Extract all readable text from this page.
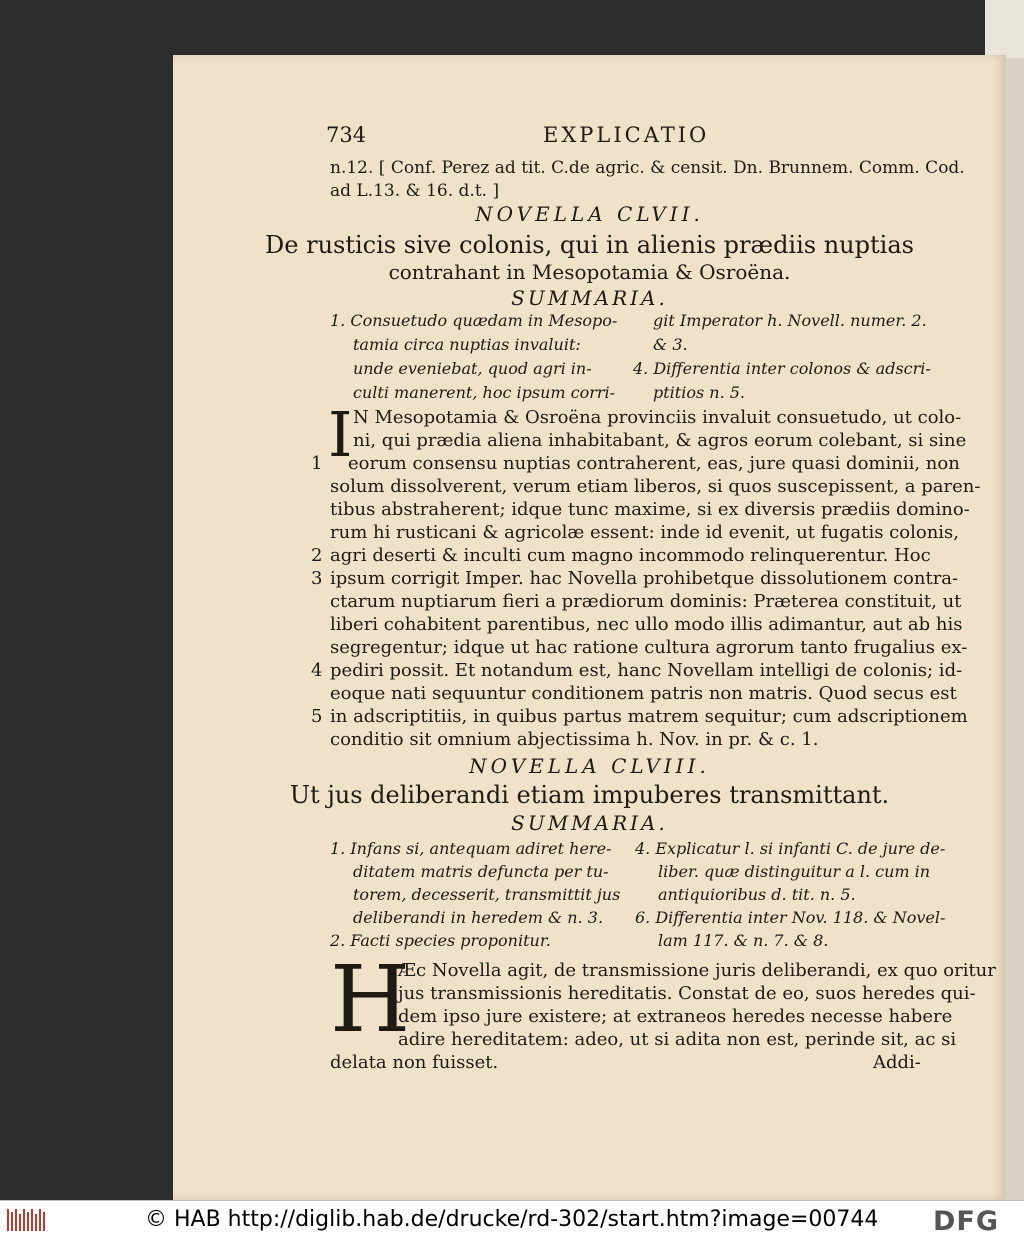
734	EXPLICATIO
n.12. [ Conf. Perez ad tit. C.de agric. & censit. Dn. Brunnem. Comm. Cod.
ad L.13. & 16. d.t. ]
NOVELLA CLVII.
De rusticis sive colonis, qui in alienis prædiis nuptias
contrahant in Mesopotamia & Osroëna.
SUMMARIA.
1. Consuetudo quædam in Mesopo-
tamia circa nuptias invaluit:
unde eveniebat, quod agri in-
culti manerent, hoc ipsum corri-
git Imperator h. Novell. numer. 2.
& 3.
4. Differentia inter colonos & adscri-
ptitios n. 5.
I N Mesopotamia & Osroëna provinciis invaluit consuetudo, ut colo-
ni, qui prædia aliena inhabitabant, & agros eorum colebant, si sine
eorum consensu nuptias contraherent, eas, jure quasi dominii, non
solum dissolverent, verum etiam liberos, si quos suscepissent, a paren-
tibus abstraherent; idque tunc maxime, si ex diversis prædiis domino-
rum hi rusticani & agricolæ essent: inde id evenit, ut fugatis colonis,
agri deserti & inculti cum magno incommodo relinquerentur. Hoc
ipsum corrigit Imper. hac Novella prohibetque dissolutionem contra-
ctarum nuptiarum fieri a prædiorum dominis: Præterea constituit, ut
liberi cohabitent parentibus, nec ullo modo illis adimantur, aut ab his
segregentur; idque ut hac ratione cultura agrorum tanto frugalius ex-
pediri possit. Et notandum est, hanc Novellam intelligi de colonis; id-
eoque nati sequuntur conditionem patris non matris. Quod secus est
in adscriptitiis, in quibus partus matrem sequitur; cum adscriptionem
conditio sit omnium abjectissima h. Nov. in pr. & c. 1.
1
2
3
4
5
NOVELLA CLVIII.
Ut jus deliberandi etiam impuberes transmittant.
SUMMARIA.
1. Infans si, antequam adiret here-
ditatem matris defuncta per tu-
torem, decesserit, transmittit jus
deliberandi in heredem & n. 3.
2. Facti species proponitur.
4. Explicatur l. si infanti C. de jure de-
liber. quæ distinguitur a l. cum in
antiquioribus d. tit. n. 5.
6. Differentia inter Nov. 118. & Novel-
lam 117. & n. 7. & 8.
H
Æc Novella agit, de transmissione juris deliberandi, ex quo oritur
jus transmissionis hereditatis. Constat de eo, suos heredes qui-
dem ipso jure existere; at extraneos heredes necesse habere
adire hereditatem: adeo, ut si adita non est, perinde sit, ac si
delata non fuisset.	Addi-
© HAB http://diglib.hab.de/drucke/rd-302/start.htm?image=00744 DFG
